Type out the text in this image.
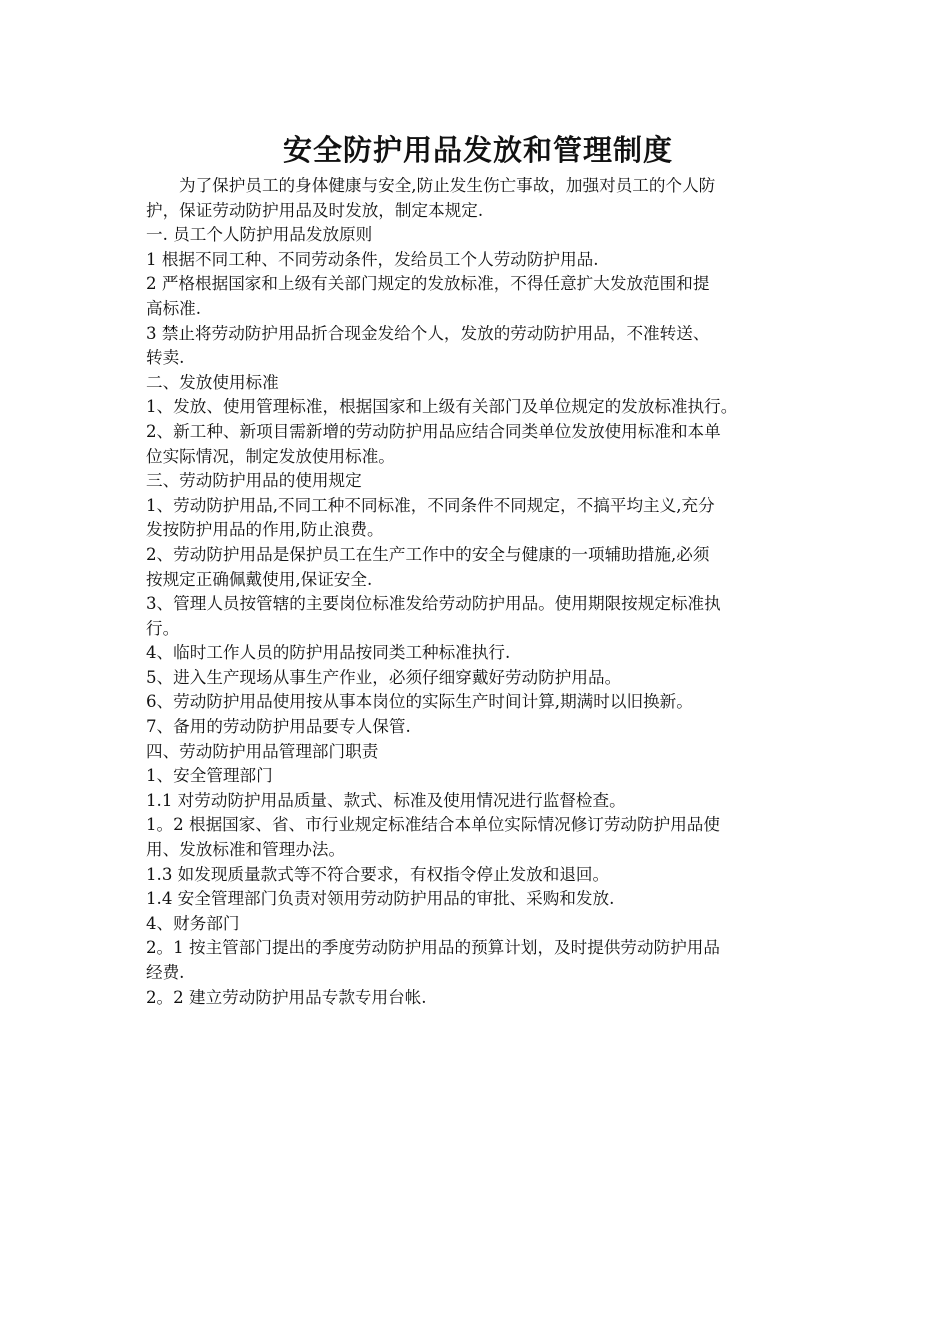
安全防护用品发放和管理制度
为了保护员工的身体健康与安全,防止发生伤亡事故，加强对员工的个人防
护，保证劳动防护用品及时发放，制定本规定.
一. 员工个人防护用品发放原则
1 根据不同工种、不同劳动条件，发给员工个人劳动防护用品.
2 严格根据国家和上级有关部门规定的发放标准，不得任意扩大发放范围和提
高标准.
3 禁止将劳动防护用品折合现金发给个人，发放的劳动防护用品，不准转送、
转卖.
二、发放使用标准
1、发放、使用管理标准，根据国家和上级有关部门及单位规定的发放标准执行。
2、新工种、新项目需新增的劳动防护用品应结合同类单位发放使用标准和本单
位实际情况，制定发放使用标准。
三、劳动防护用品的使用规定
1、劳动防护用品,不同工种不同标准，不同条件不同规定，不搞平均主义,充分
发按防护用品的作用,防止浪费。
2、劳动防护用品是保护员工在生产工作中的安全与健康的一项辅助措施,必须
按规定正确佩戴使用,保证安全.
3、管理人员按管辖的主要岗位标准发给劳动防护用品。使用期限按规定标准执
行。
4、临时工作人员的防护用品按同类工种标准执行.
5、进入生产现场从事生产作业，必须仔细穿戴好劳动防护用品。
6、劳动防护用品使用按从事本岗位的实际生产时间计算,期满时以旧换新。
7、备用的劳动防护用品要专人保管.
四、劳动防护用品管理部门职责
1、安全管理部门
1.1 对劳动防护用品质量、款式、标准及使用情况进行监督检查。
1。2 根据国家、省、市行业规定标准结合本单位实际情况修订劳动防护用品使
用、发放标准和管理办法。
1.3 如发现质量款式等不符合要求，有权指令停止发放和退回。
1.4 安全管理部门负责对领用劳动防护用品的审批、采购和发放.
4、财务部门
2。1 按主管部门提出的季度劳动防护用品的预算计划，及时提供劳动防护用品
经费.
2。2 建立劳动防护用品专款专用台帐.
